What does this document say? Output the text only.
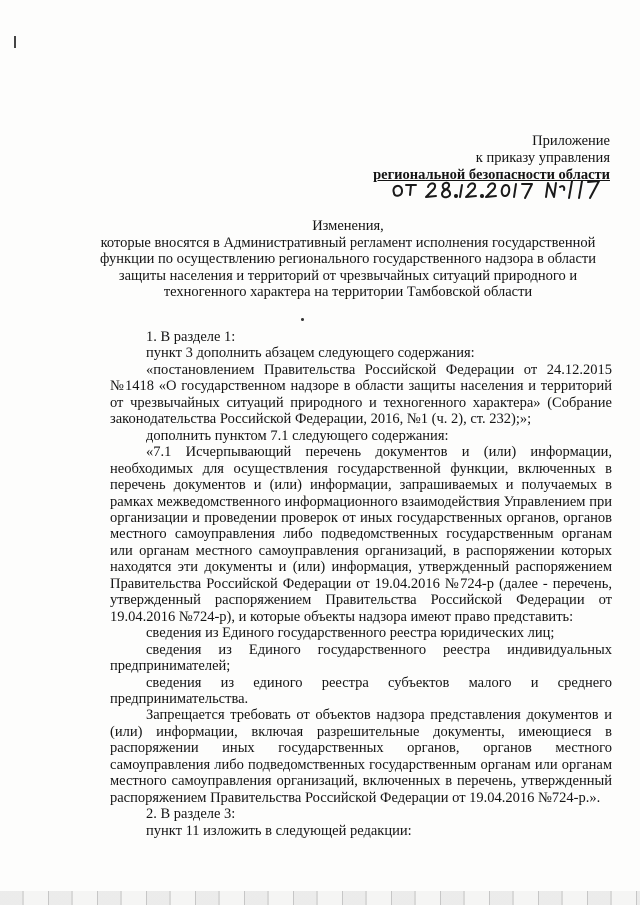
Приложение
к приказу управления
региональной безопасности области
Изменения,
которые вносятся в Административный регламент исполнения государственной функции по осуществлению регионального государственного надзора в области защиты населения и территорий от чрезвычайных ситуаций природного и техногенного характера на территории Тамбовской области

1. В разделе 1:

пункт 3 дополнить абзацем следующего содержания:

«постановлением Правительства Российской Федерации от 24.12.2015 №1418 «О государственном надзоре в области защиты населения и территорий от чрезвычайных ситуаций природного и техногенного характера» (Собрание законодательства Российской Федерации, 2016, №1 (ч. 2), ст. 232);»;

дополнить пунктом 7.1 следующего содержания:

«7.1 Исчерпывающий перечень документов и (или) информации, необходимых для осуществления государственной функции, включенных в перечень документов и (или) информации, запрашиваемых и получаемых в рамках межведомственного информационного взаимодействия Управлением при организации и проведении проверок от иных государственных органов, органов местного самоуправления либо подведомственных государственным органам или органам местного самоуправления организаций, в распоряжении которых находятся эти документы и (или) информация, утвержденный распоряжением Правительства Российской Федерации от 19.04.2016 №724-р (далее - перечень, утвержденный распоряжением Правительства Российской Федерации от 19.04.2016 №724-р), и которые объекты надзора имеют право представить:

сведения из Единого государственного реестра юридических лиц;

сведения из Единого государственного реестра индивидуальных предпринимателей;

сведения из единого реестра субъектов малого и среднего предпринимательства.

Запрещается требовать от объектов надзора представления документов и (или) информации, включая разрешительные документы, имеющиеся в распоряжении иных государственных органов, органов местного самоуправления либо подведомственных государственным органам или органам местного самоуправления организаций, включенных в перечень, утвержденный распоряжением Правительства Российской Федерации от 19.04.2016 №724-р.».

2. В разделе 3:

пункт 11 изложить в следующей редакции:
